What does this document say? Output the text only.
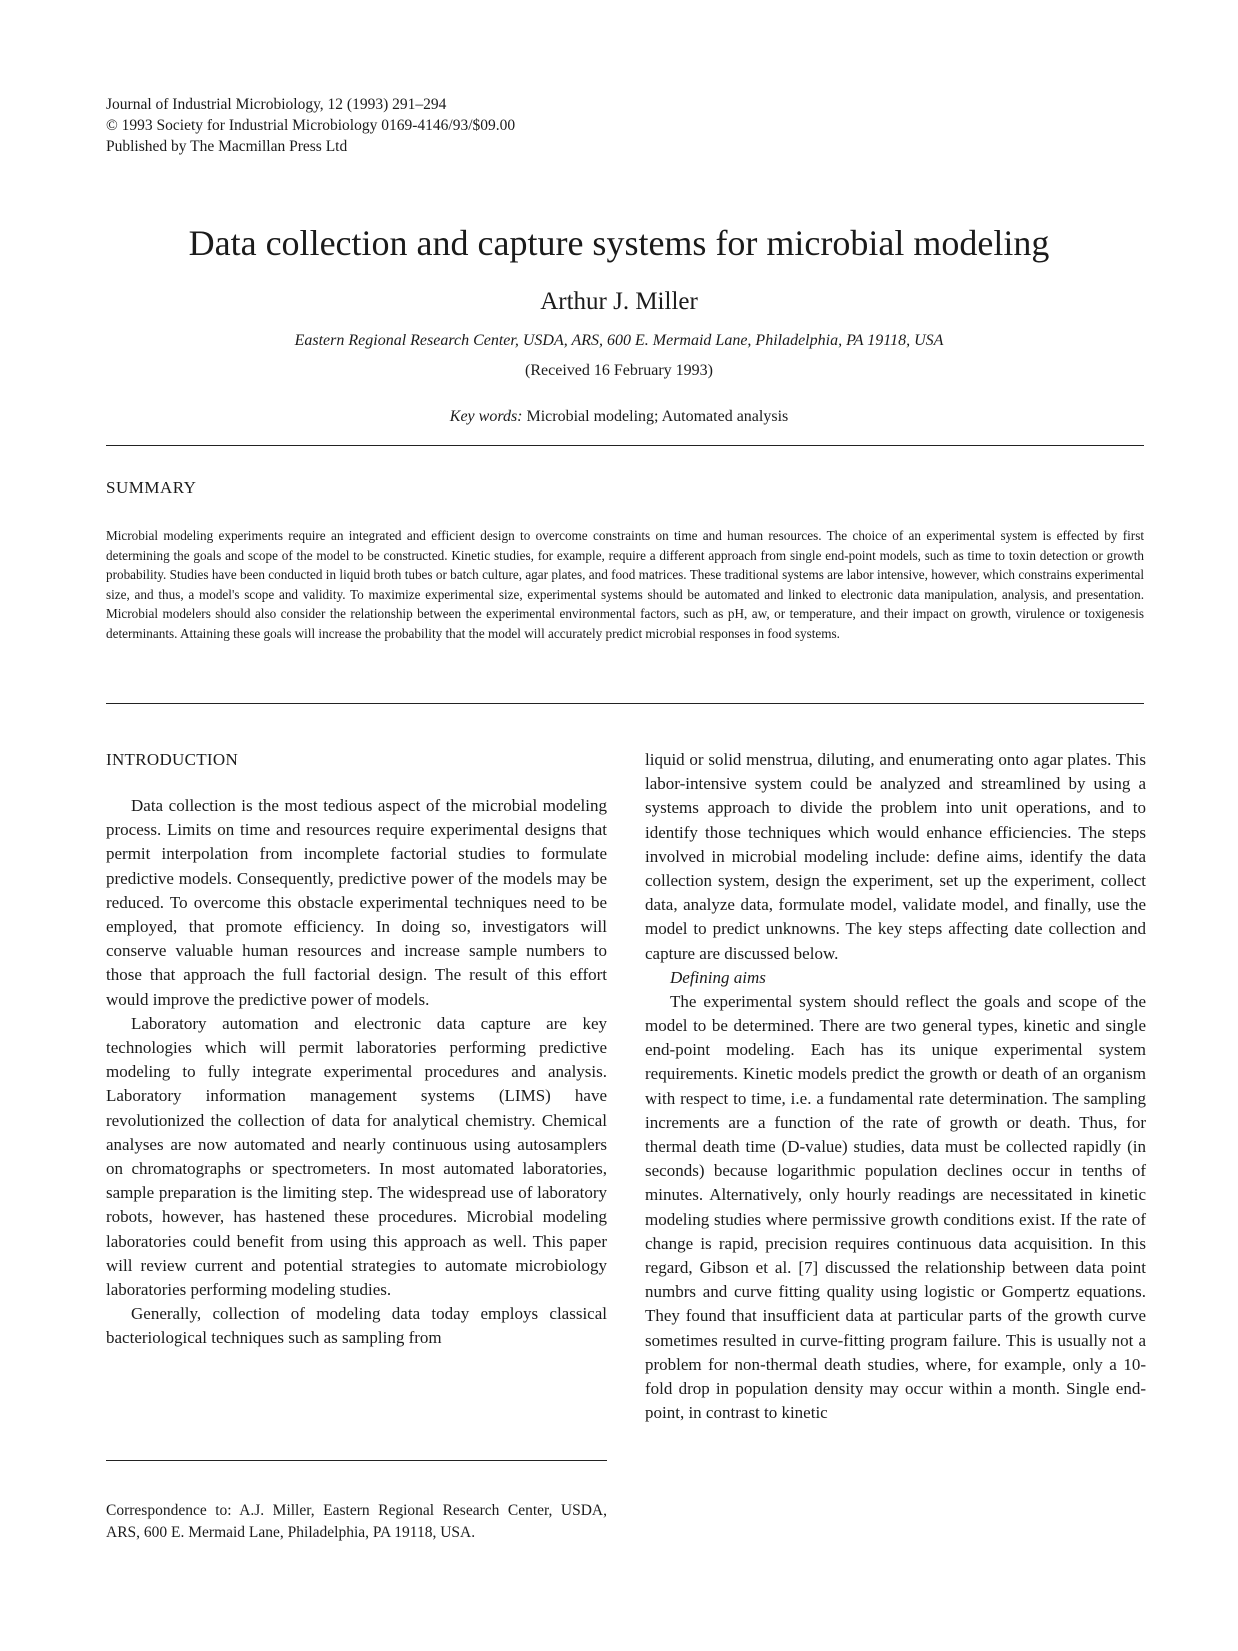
Journal of Industrial Microbiology, 12 (1993) 291–294
© 1993 Society for Industrial Microbiology 0169-4146/93/$09.00
Published by The Macmillan Press Ltd
Data collection and capture systems for microbial modeling
Arthur J. Miller
Eastern Regional Research Center, USDA, ARS, 600 E. Mermaid Lane, Philadelphia, PA 19118, USA
(Received 16 February 1993)
Key words: Microbial modeling; Automated analysis
SUMMARY
Microbial modeling experiments require an integrated and efficient design to overcome constraints on time and human resources. The choice of an experimental system is effected by first determining the goals and scope of the model to be constructed. Kinetic studies, for example, require a different approach from single end-point models, such as time to toxin detection or growth probability. Studies have been conducted in liquid broth tubes or batch culture, agar plates, and food matrices. These traditional systems are labor intensive, however, which constrains experimental size, and thus, a model's scope and validity. To maximize experimental size, experimental systems should be automated and linked to electronic data manipulation, analysis, and presentation. Microbial modelers should also consider the relationship between the experimental environmental factors, such as pH, aw, or temperature, and their impact on growth, virulence or toxigenesis determinants. Attaining these goals will increase the probability that the model will accurately predict microbial responses in food systems.
INTRODUCTION

Data collection is the most tedious aspect of the microbial modeling process. Limits on time and resources require experimental designs that permit interpolation from incomplete factorial studies to formulate predictive models. Consequently, predictive power of the models may be reduced. To overcome this obstacle experimental techniques need to be employed, that promote efficiency. In doing so, investigators will conserve valuable human resources and increase sample numbers to those that approach the full factorial design. The result of this effort would improve the predictive power of models.

Laboratory automation and electronic data capture are key technologies which will permit laboratories performing predictive modeling to fully integrate experimental procedures and analysis. Laboratory information management systems (LIMS) have revolutionized the collection of data for analytical chemistry. Chemical analyses are now automated and nearly continuous using autosamplers on chromatographs or spectrometers. In most automated laboratories, sample preparation is the limiting step. The widespread use of laboratory robots, however, has hastened these procedures. Microbial modeling laboratories could benefit from using this approach as well. This paper will review current and potential strategies to automate microbiology laboratories performing modeling studies.

Generally, collection of modeling data today employs classical bacteriological techniques such as sampling from

liquid or solid menstrua, diluting, and enumerating onto agar plates. This labor-intensive system could be analyzed and streamlined by using a systems approach to divide the problem into unit operations, and to identify those techniques which would enhance efficiencies. The steps involved in microbial modeling include: define aims, identify the data collection system, design the experiment, set up the experiment, collect data, analyze data, formulate model, validate model, and finally, use the model to predict unknowns. The key steps affecting date collection and capture are discussed below.

Defining aims

The experimental system should reflect the goals and scope of the model to be determined. There are two general types, kinetic and single end-point modeling. Each has its unique experimental system requirements. Kinetic models predict the growth or death of an organism with respect to time, i.e. a fundamental rate determination. The sampling increments are a function of the rate of growth or death. Thus, for thermal death time (D-value) studies, data must be collected rapidly (in seconds) because logarithmic population declines occur in tenths of minutes. Alternatively, only hourly readings are necessitated in kinetic modeling studies where permissive growth conditions exist. If the rate of change is rapid, precision requires continuous data acquisition. In this regard, Gibson et al. [7] discussed the relationship between data point numbrs and curve fitting quality using logistic or Gompertz equations. They found that insufficient data at particular parts of the growth curve sometimes resulted in curve-fitting program failure. This is usually not a problem for non-thermal death studies, where, for example, only a 10-fold drop in population density may occur within a month. Single end-point, in contrast to kinetic

Correspondence to: A.J. Miller, Eastern Regional Research Center, USDA, ARS, 600 E. Mermaid Lane, Philadelphia, PA 19118, USA.
